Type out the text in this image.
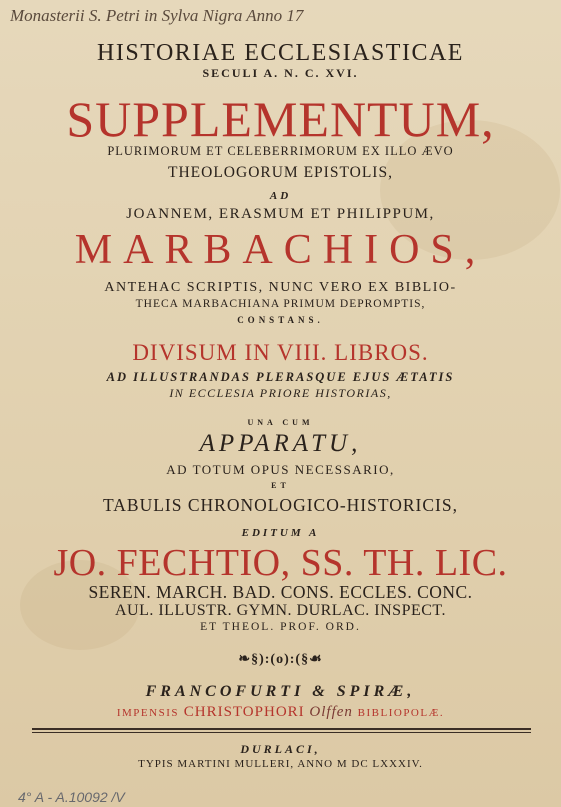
Monasterii S. Petri in Sylva Nigra Anno 17
HISTORIAE ECCLESIASTICAE
SECULI A. N. C. XVI.
SUPPLEMENTUM,
PLURIMORUM ET CELEBERRIMORUM EX ILLO ÆVO
THEOLOGORUM EPISTOLIS,
AD
JOANNEM, ERASMUM ET PHILIPPUM,
MARBACHIOS,
ANTEHAC SCRIPTIS, NUNC VERO EX BIBLIO-
THECA MARBACHIANA PRIMUM DEPROMPTIS,
CONSTANS.
DIVISUM IN VIII. LIBROS.
AD ILLUSTRANDAS PLERASQUE EJUS ÆTATIS
IN ECCLESIA PRIORE HISTORIAS,
UNA CUM
APPARATU,
AD TOTUM OPUS NECESSARIO,
ET
TABULIS CHRONOLOGICO-HISTORICIS,
EDITUM A
JO. FECHTIO, SS. TH. LIC.
SEREN. MARCH. BAD. CONS. ECCLES. CONC.
AUL. ILLUSTR. GYMN. DURLAC. INSPECT.
ET THEOL. PROF. ORD.
❧§):(o):(§☙
FRANCOFURTI & SPIRÆ,
IMPENSIS CHRISTOPHORI Olffen BIBLIOPOLÆ.
DURLACI,
TYPIS MARTINI MULLERI, ANNO M DC LXXXIV.
4° A - A.10092 /V
